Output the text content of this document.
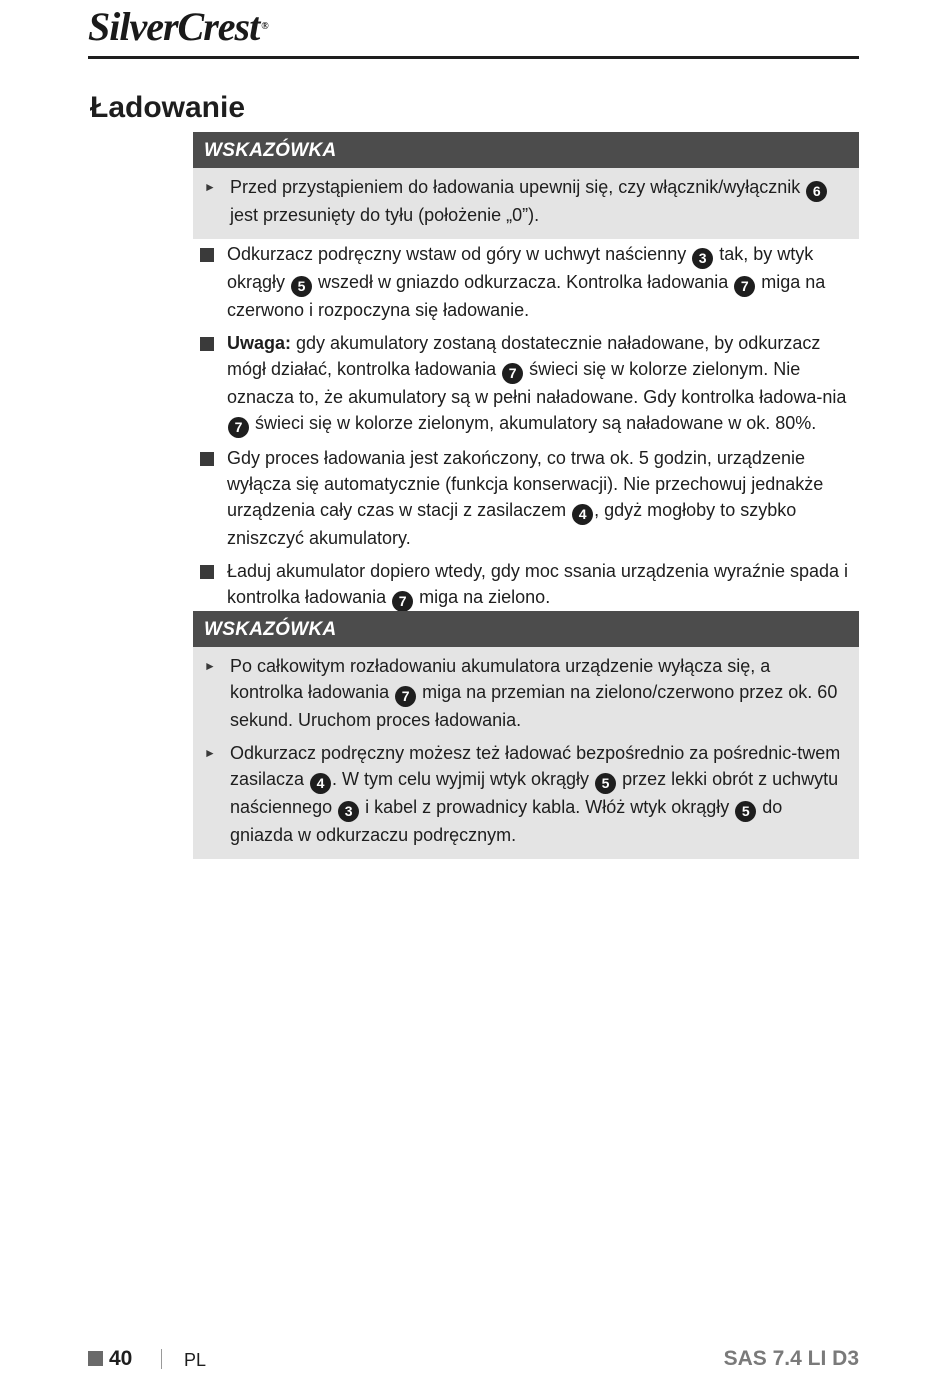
SilverCrest ®
Ładowanie
WSKAZÓWKA
► Przed przystąpieniem do ładowania upewnij się, czy włącznik/wyłącznik 6 jest przesunięty do tyłu (położenie „0”).
Odkurzacz podręczny wstaw od góry w uchwyt naścienny 3 tak, by wtyk okrągły 5 wszedł w gniazdo odkurzacza. Kontrolka ładowania 7 miga na czerwono i rozpoczyna się ładowanie.
Uwaga: gdy akumulatory zostaną dostatecznie naładowane, by odkurzacz mógł działać, kontrolka ładowania 7 świeci się w kolorze zielonym. Nie oznacza to, że akumulatory są w pełni naładowane. Gdy kontrolka ładowa-nia 7 świeci się w kolorze zielonym, akumulatory są naładowane w ok. 80%.
Gdy proces ładowania jest zakończony, co trwa ok. 5 godzin, urządzenie wyłącza się automatycznie (funkcja konserwacji). Nie przechowuj jednakże urządzenia cały czas w stacji z zasilaczem 4 , gdyż mogłoby to szybko zniszczyć akumulatory.
Ładuj akumulator dopiero wtedy, gdy moc ssania urządzenia wyraźnie spada i kontrolka ładowania 7 miga na zielono.
WSKAZÓWKA
► Po całkowitym rozładowaniu akumulatora urządzenie wyłącza się, a kontrolka ładowania 7 miga na przemian na zielono/czerwono przez ok. 60 sekund. Uruchom proces ładowania.
► Odkurzacz podręczny możesz też ładować bezpośrednio za pośrednic-twem zasilacza 4 . W tym celu wyjmij wtyk okrągły 5 przez lekki obrót z uchwytu naściennego 3 i kabel z prowadnicy kabla. Włóż wtyk okrągły 5 do gniazda w odkurzaczu podręcznym.
40	PL	SAS 7.4 LI D3
